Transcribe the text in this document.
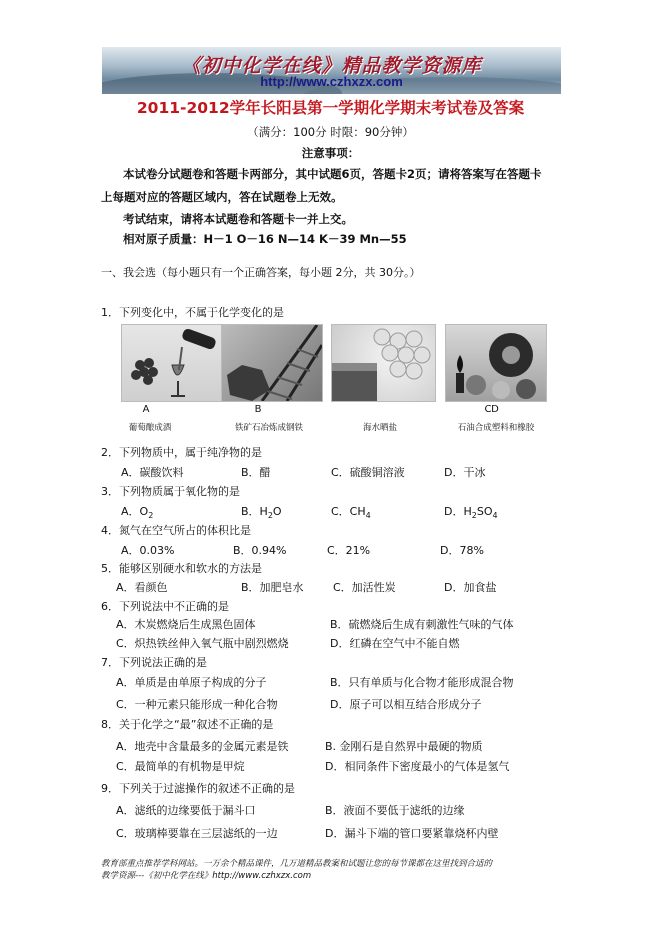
《初中化学在线》精品教学资源库
http://www.czhxzx.com
2011-2012学年长阳县第一学期化学期末考试卷及答案
（满分：100分 时限：90分钟）
注意事项：
本试卷分试题卷和答题卡两部分，其中试题6页，答题卡2页；请将答案写在答题卡
上每题对应的答题区域内，答在试题卷上无效。
考试结束，请将本试题卷和答题卡一并上交。
相对原子质量：H－1 O－16 N—14 K－39 Mn—55
一、我会选（每小题只有一个正确答案，每小题 2分，共 30分。）
1．下列变化中，不属于化学变化的是
A	B	C D
葡萄酿成酒	铁矿石冶炼成钢铁	海水晒盐	石油合成塑料和橡胶
2．下列物质中，属于纯净物的是
A．碳酸饮料	B．醋	C．硫酸铜溶液	D．干冰
3．下列物质属于氧化物的是
A．$O_2$	B．$H_2O$	C．$CH_4$	D．$H_2SO_4$
4．氮气在空气所占的体积比是
A．0.03%	B．0.94%	C．21%	D．78%
5．能够区别硬水和软水的方法是
A．看颜色	B．加肥皂水	C．加活性炭	D．加食盐
6．下列说法中不正确的是
A．木炭燃烧后生成黑色固体	B．硫燃烧后生成有刺激性气味的气体
C．炽热铁丝伸入氧气瓶中剧烈燃烧	D．红磷在空气中不能自燃
7．下列说法正确的是
A．单质是由单原子构成的分子	B．只有单质与化合物才能形成混合物
C．一种元素只能形成一种化合物	D．原子可以相互结合形成分子
8．关于化学之“最”叙述不正确的是
A．地壳中含量最多的金属元素是铁	B. 金刚石是自然界中最硬的物质
C．最简单的有机物是甲烷	D．相同条件下密度最小的气体是氢气
9．下列关于过滤操作的叙述不正确的是
A．滤纸的边缘要低于漏斗口	B．液面不要低于滤纸的边缘
C．玻璃棒要靠在三层滤纸的一边	D．漏斗下端的管口要紧靠烧杯内壁
教育部重点推荐学科网站。一万余个精品课件，几万道精品教案和试题让您的每节课都在这里找到合适的
教学资源---《初中化学在线》http://www.czhxzx.com
